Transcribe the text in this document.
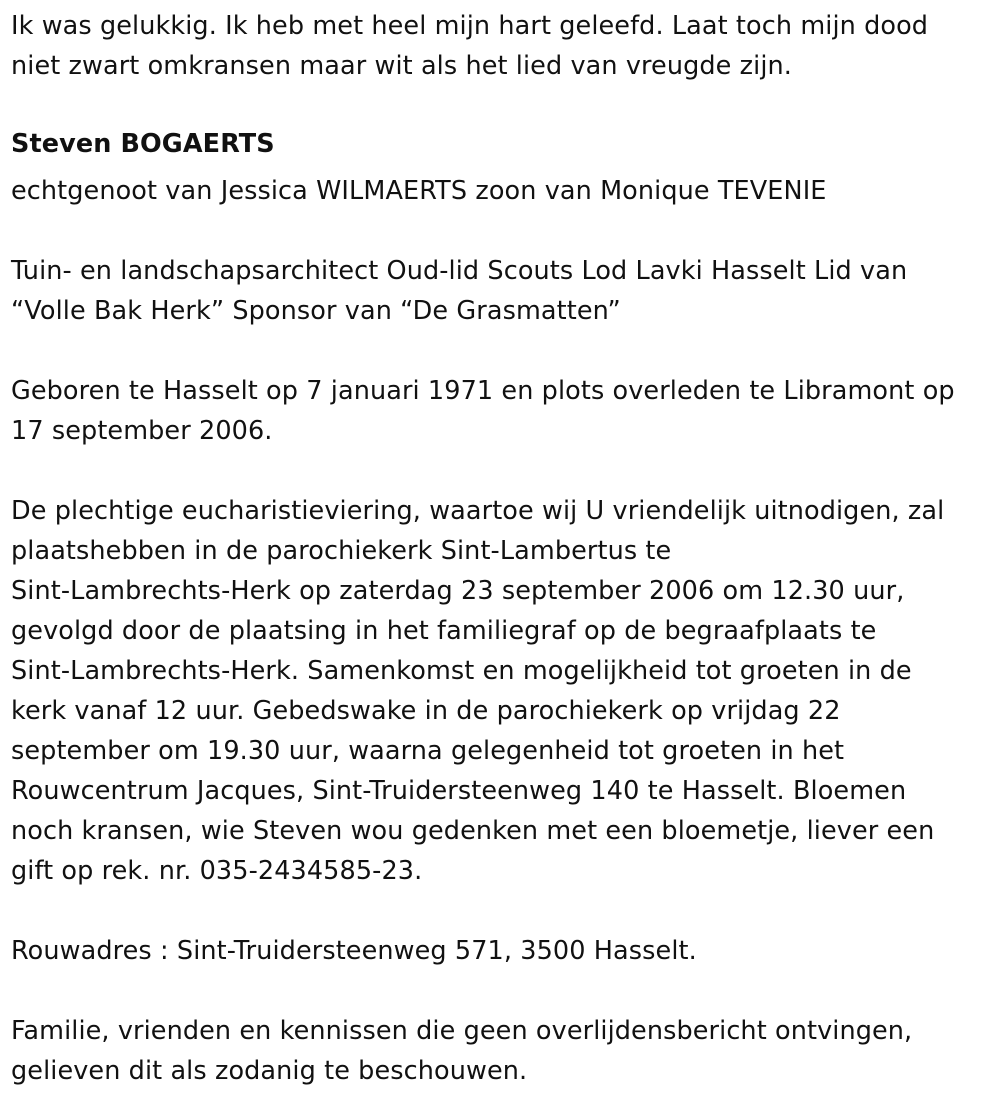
Ik was gelukkig. Ik heb met heel mijn hart geleefd. Laat toch mijn dood

niet zwart omkransen maar wit als het lied van vreugde zijn.

Steven BOGAERTS

echtgenoot van Jessica WILMAERTS zoon van Monique TEVENIE

Tuin- en landschapsarchitect Oud-lid Scouts Lod Lavki Hasselt Lid van

“Volle Bak Herk” Sponsor van “De Grasmatten”

Geboren te Hasselt op 7 januari 1971 en plots overleden te Libramont op

17 september 2006.

De plechtige eucharistieviering, waartoe wij U vriendelijk uitnodigen, zal

plaatshebben in de parochiekerk Sint-Lambertus te

Sint-Lambrechts-Herk op zaterdag 23 september 2006 om 12.30 uur,

gevolgd door de plaatsing in het familiegraf op de begraafplaats te

Sint-Lambrechts-Herk. Samenkomst en mogelijkheid tot groeten in de

kerk vanaf 12 uur. Gebedswake in de parochiekerk op vrijdag 22

september om 19.30 uur, waarna gelegenheid tot groeten in het

Rouwcentrum Jacques, Sint-Truidersteenweg 140 te Hasselt. Bloemen

noch kransen, wie Steven wou gedenken met een bloemetje, liever een

gift op rek. nr. 035-2434585-23.

Rouwadres : Sint-Truidersteenweg 571, 3500 Hasselt.

Familie, vrienden en kennissen die geen overlijdensbericht ontvingen,

gelieven dit als zodanig te beschouwen.
